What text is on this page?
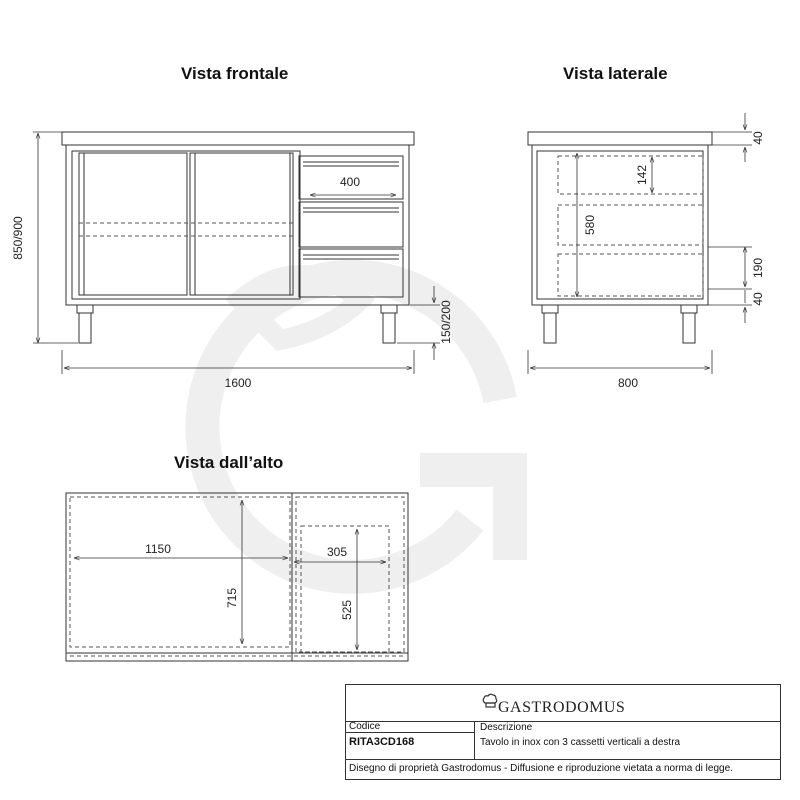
Vista frontale	Vista laterale
Vista dall’alto
400
850/900
150/200
1600
142
580
40
190
40
800
1150
715
305
525
GASTRODOMUS
Codice
RITA3CD168
Descrizione
Tavolo in inox con 3 cassetti verticali a destra
Disegno di proprietà Gastrodomus - Diffusione e riproduzione vietata a norma di legge.
